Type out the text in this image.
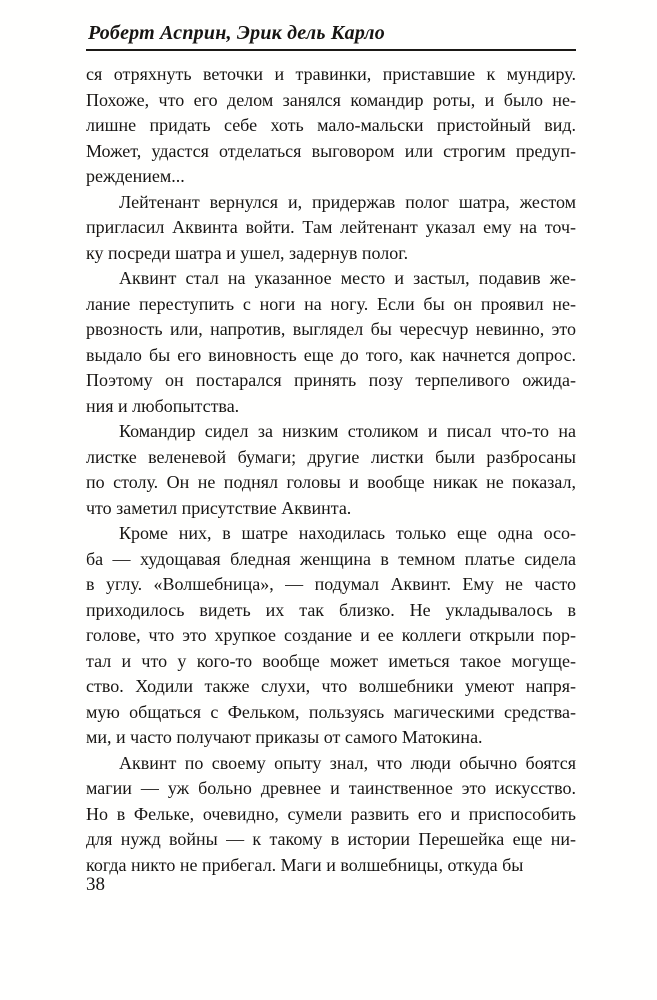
Роберт Асприн, Эрик дель Карло

ся отряхнуть веточки и травинки, приставшие к мундиру.
Похоже, что его делом занялся командир роты, и было не-
лишне придать себе хоть мало-мальски пристойный вид.
Может, удастся отделаться выговором или строгим предуп-
реждением...

Лейтенант вернулся и, придержав полог шатра, жестом
пригласил Аквинта войти. Там лейтенант указал ему на точ-
ку посреди шатра и ушел, задернув полог.

Аквинт стал на указанное место и застыл, подавив же-
лание переступить с ноги на ногу. Если бы он проявил не-
рвозность или, напротив, выглядел бы чересчур невинно, это
выдало бы его виновность еще до того, как начнется допрос.
Поэтому он постарался принять позу терпеливого ожида-
ния и любопытства.

Командир сидел за низким столиком и писал что-то на
листке веленевой бумаги; другие листки были разбросаны
по столу. Он не поднял головы и вообще никак не показал,
что заметил присутствие Аквинта.

Кроме них, в шатре находилась только еще одна осо-
ба — худощавая бледная женщина в темном платье сидела
в углу. «Волшебница», — подумал Аквинт. Ему не часто
приходилось видеть их так близко. Не укладывалось в
голове, что это хрупкое создание и ее коллеги открыли пор-
тал и что у кого-то вообще может иметься такое могуще-
ство. Ходили также слухи, что волшебники умеют напря-
мую общаться с Фельком, пользуясь магическими средства-
ми, и часто получают приказы от самого Матокина.

Аквинт по своему опыту знал, что люди обычно боятся
магии — уж больно древнее и таинственное это искусство.
Но в Фельке, очевидно, сумели развить его и приспособить
для нужд войны — к такому в истории Перешейка еще ни-
когда никто не прибегал. Маги и волшебницы, откуда бы

38
